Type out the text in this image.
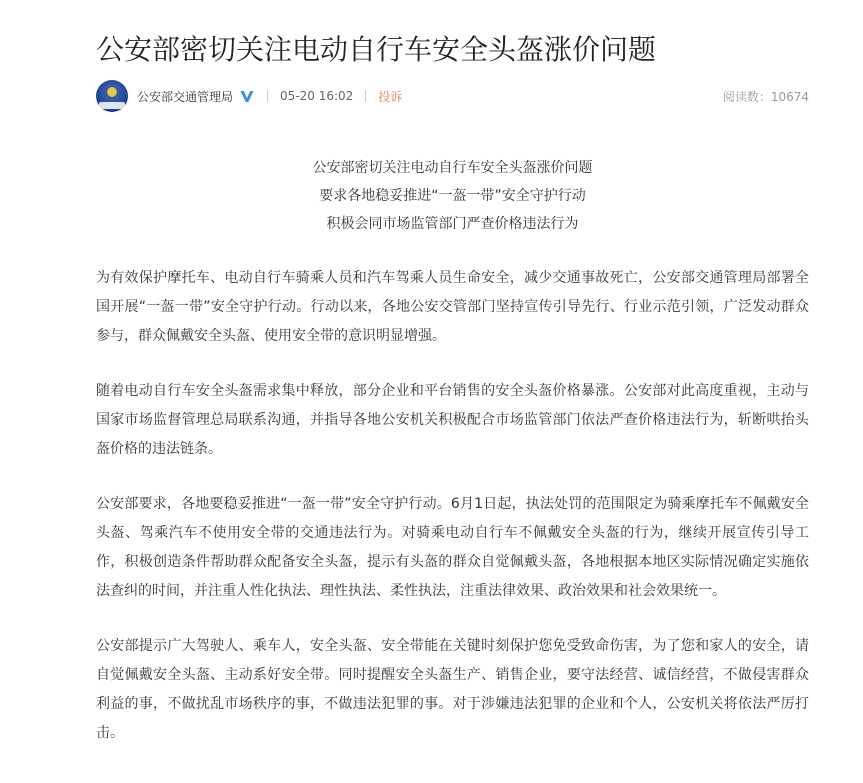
公安部密切关注电动自行车安全头盔涨价问题
公安部交通管理局	05-20 16:02 投诉	阅读数：10674
公安部密切关注电动自行车安全头盔涨价问题
要求各地稳妥推进“一盔一带”安全守护行动
积极会同市场监管部门严查价格违法行为

为有效保护摩托车、电动自行车骑乘人员和汽车驾乘人员生命安全，减少交通事故死亡，公安部交通管理局部署全国开展“一盔一带”安全守护行动。行动以来，各地公安交管部门坚持宣传引导先行、行业示范引领，广泛发动群众参与，群众佩戴安全头盔、使用安全带的意识明显增强。

随着电动自行车安全头盔需求集中释放，部分企业和平台销售的安全头盔价格暴涨。公安部对此高度重视，主动与国家市场监督管理总局联系沟通，并指导各地公安机关积极配合市场监管部门依法严查价格违法行为，斩断哄抬头盔价格的违法链条。

公安部要求，各地要稳妥推进“一盔一带”安全守护行动。6月1日起，执法处罚的范围限定为骑乘摩托车不佩戴安全头盔、驾乘汽车不使用安全带的交通违法行为。对骑乘电动自行车不佩戴安全头盔的行为，继续开展宣传引导工作，积极创造条件帮助群众配备安全头盔，提示有头盔的群众自觉佩戴头盔，各地根据本地区实际情况确定实施依法查纠的时间，并注重人性化执法、理性执法、柔性执法，注重法律效果、政治效果和社会效果统一。

公安部提示广大驾驶人、乘车人，安全头盔、安全带能在关键时刻保护您免受致命伤害，为了您和家人的安全，请自觉佩戴安全头盔、主动系好安全带。同时提醒安全头盔生产、销售企业，要守法经营、诚信经营，不做侵害群众利益的事，不做扰乱市场秩序的事，不做违法犯罪的事。对于涉嫌违法犯罪的企业和个人，公安机关将依法严厉打击。
